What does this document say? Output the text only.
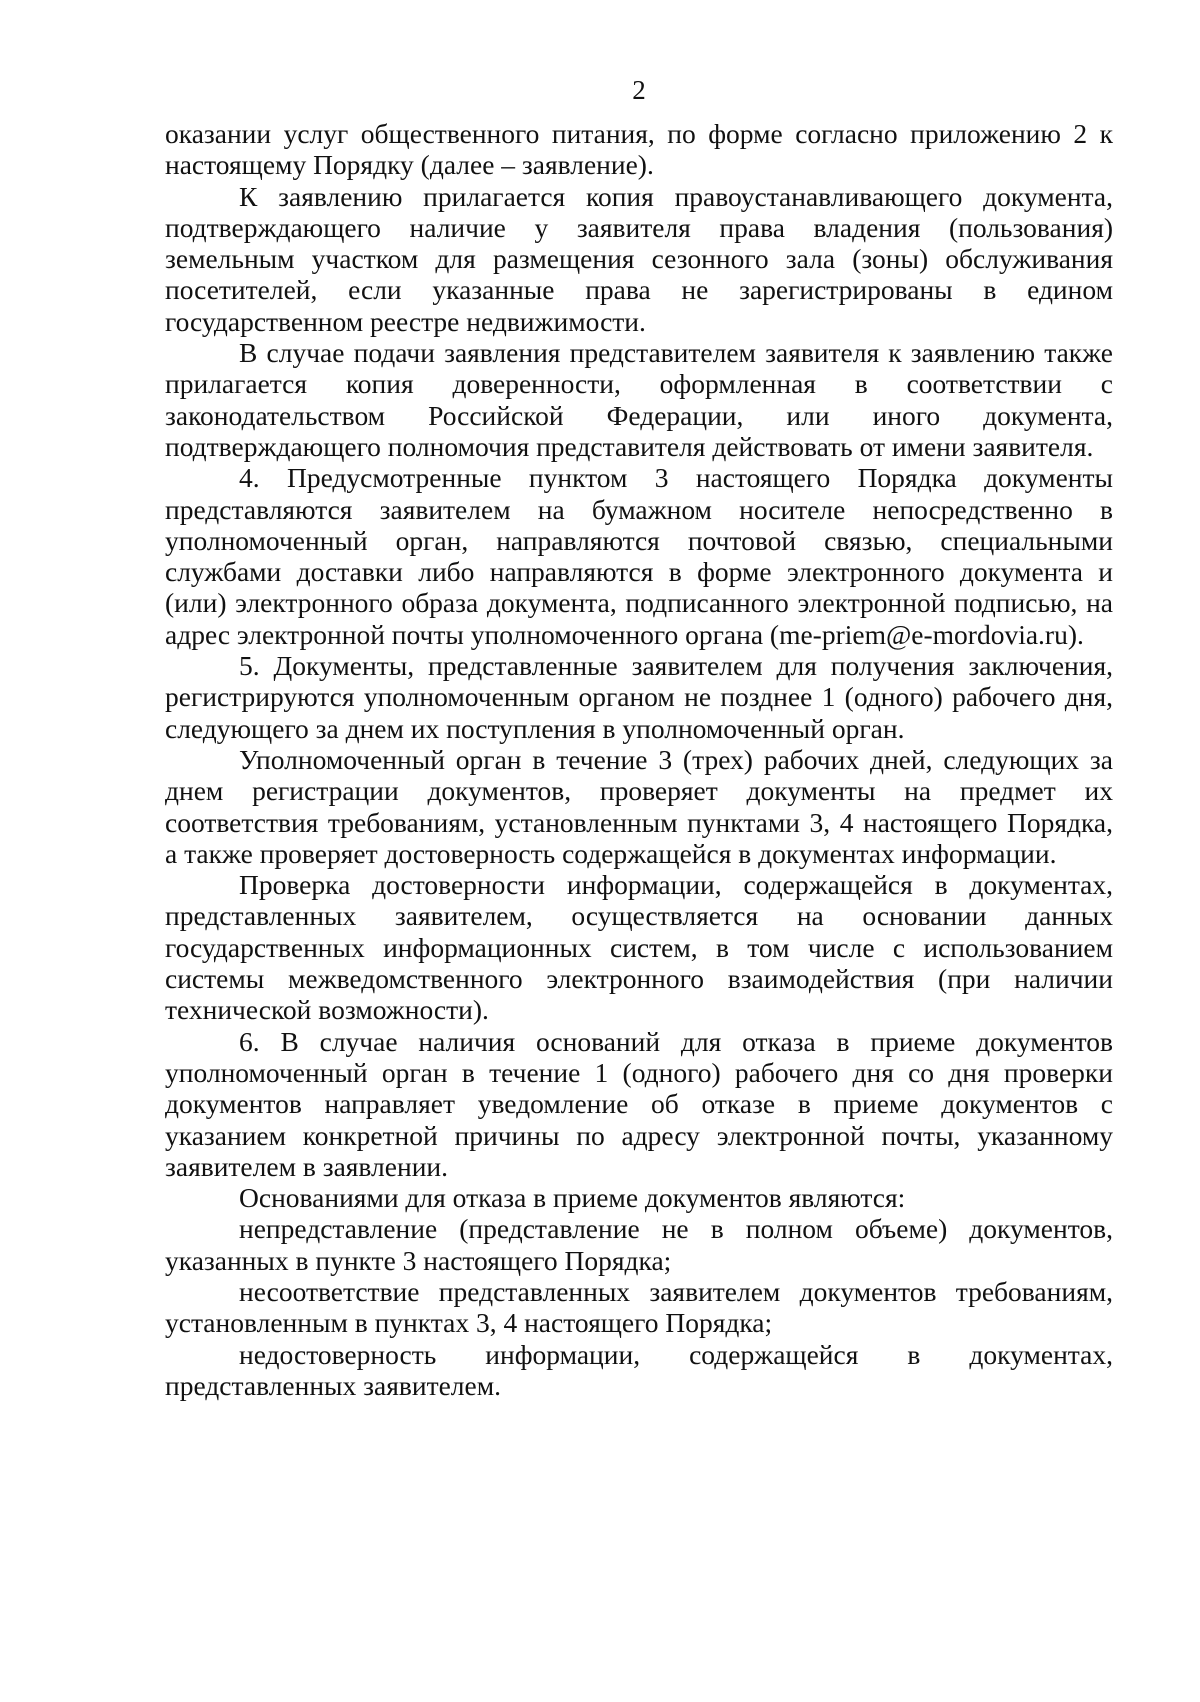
2

оказании услуг общественного питания, по форме согласно приложению 2 к настоящему Порядку (далее – заявление).

К заявлению прилагается копия правоустанавливающего документа, подтверждающего наличие у заявителя права владения (пользования) земельным участком для размещения сезонного зала (зоны) обслуживания посетителей, если указанные права не зарегистрированы в едином государственном реестре недвижимости.

В случае подачи заявления представителем заявителя к заявлению также прилагается копия доверенности, оформленная в соответствии с законодательством Российской Федерации, или иного документа, подтверждающего полномочия представителя действовать от имени заявителя.

4. Предусмотренные пунктом 3 настоящего Порядка документы представляются заявителем на бумажном носителе непосредственно в уполномоченный орган, направляются почтовой связью, специальными службами доставки либо направляются в форме электронного документа и (или) электронного образа документа, подписанного электронной подписью, на адрес электронной почты уполномоченного органа (me-priem@e-mordovia.ru).

5. Документы, представленные заявителем для получения заключения, регистрируются уполномоченным органом не позднее 1 (одного) рабочего дня, следующего за днем их поступления в уполномоченный орган.

Уполномоченный орган в течение 3 (трех) рабочих дней, следующих за днем регистрации документов, проверяет документы на предмет их соответствия требованиям, установленным пунктами 3, 4 настоящего Порядка, а также проверяет достоверность содержащейся в документах информации.

Проверка достоверности информации, содержащейся в документах, представленных заявителем, осуществляется на основании данных государственных информационных систем, в том числе с использованием системы межведомственного электронного взаимодействия (при наличии технической возможности).

6. В случае наличия оснований для отказа в приеме документов уполномоченный орган в течение 1 (одного) рабочего дня со дня проверки документов направляет уведомление об отказе в приеме документов с указанием конкретной причины по адресу электронной почты, указанному заявителем в заявлении.

Основаниями для отказа в приеме документов являются:

непредставление (представление не в полном объеме) документов, указанных в пункте 3 настоящего Порядка;

несоответствие представленных заявителем документов требованиям, установленным в пунктах 3, 4 настоящего Порядка;

недостоверность информации, содержащейся в документах, представленных заявителем.
